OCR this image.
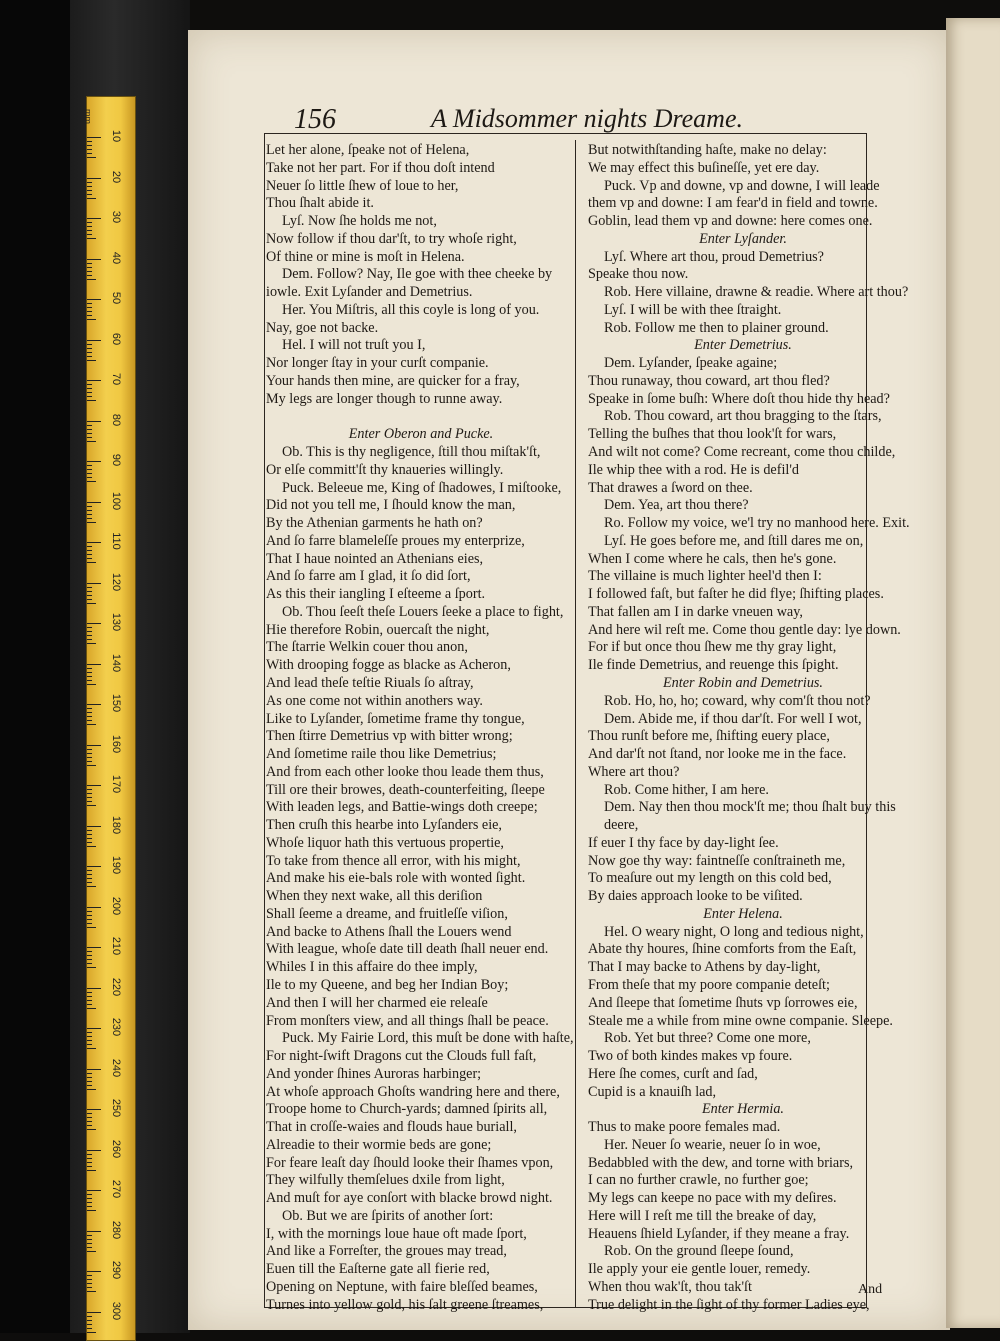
mm
10
20
30
40
50
60
70
80
90
100
110
120
130
140
150
160
170
180
190
200
210
220
230
240
250
260
270
280
290
300
156	A Midsommer nights Dreame.
Let her alone, ſpeake not of Helena,
Take not her part. For if thou doſt intend
Neuer ſo little ſhew of loue to her,
Thou ſhalt abide it.
Lyſ. Now ſhe holds me not,
Now follow if thou dar'ſt, to try whoſe right,
Of thine or mine is moſt in Helena.
Dem. Follow? Nay, Ile goe with thee cheeke by
iowle. Exit Lyſander and Demetrius.
Her. You Miſtris, all this coyle is long of you.
Nay, goe not backe.
Hel. I will not truſt you I,
Nor longer ſtay in your curſt companie.
Your hands then mine, are quicker for a fray,
My legs are longer though to runne away.
Enter Oberon and Pucke.
Ob. This is thy negligence, ſtill thou miſtak'ſt,
Or elſe committ'ſt thy knaueries willingly.
Puck. Beleeue me, King of ſhadowes, I miſtooke,
Did not you tell me, I ſhould know the man,
By the Athenian garments he hath on?
And ſo farre blameleſſe proues my enterprize,
That I haue nointed an Athenians eies,
And ſo farre am I glad, it ſo did ſort,
As this their iangling I eſteeme a ſport.
Ob. Thou ſeeſt theſe Louers ſeeke a place to fight,
Hie therefore Robin, ouercaſt the night,
The ſtarrie Welkin couer thou anon,
With drooping fogge as blacke as Acheron,
And lead theſe teſtie Riuals ſo aſtray,
As one come not within anothers way.
Like to Lyſander, ſometime frame thy tongue,
Then ſtirre Demetrius vp with bitter wrong;
And ſometime raile thou like Demetrius;
And from each other looke thou leade them thus,
Till ore their browes, death-counterfeiting, ſleepe
With leaden legs, and Battie-wings doth creepe;
Then cruſh this hearbe into Lyſanders eie,
Whoſe liquor hath this vertuous propertie,
To take from thence all error, with his might,
And make his eie-bals role with wonted ſight.
When they next wake, all this deriſion
Shall ſeeme a dreame, and fruitleſſe viſion,
And backe to Athens ſhall the Louers wend
With league, whoſe date till death ſhall neuer end.
Whiles I in this affaire do thee imply,
Ile to my Queene, and beg her Indian Boy;
And then I will her charmed eie releaſe
From monſters view, and all things ſhall be peace.
Puck. My Fairie Lord, this muſt be done with haſte,
For night-ſwift Dragons cut the Clouds full faſt,
And yonder ſhines Auroras harbinger;
At whoſe approach Ghoſts wandring here and there,
Troope home to Church-yards; damned ſpirits all,
That in croſſe-waies and flouds haue buriall,
Alreadie to their wormie beds are gone;
For feare leaſt day ſhould looke their ſhames vpon,
They wilfully themſelues dxile from light,
And muſt for aye conſort with blacke browd night.
Ob. But we are ſpirits of another ſort:
I, with the mornings loue haue oft made ſport,
And like a Forreſter, the groues may tread,
Euen till the Eaſterne gate all fierie red,
Opening on Neptune, with faire bleſſed beames,
Turnes into yellow gold, his ſalt greene ſtreames,
But notwithſtanding haſte, make no delay:
We may effect this buſineſſe, yet ere day.
Puck. Vp and downe, vp and downe, I will leade
them vp and downe: I am fear'd in field and towne.
Goblin, lead them vp and downe: here comes one.
Enter Lyſander.
Lyſ. Where art thou, proud Demetrius?
Speake thou now.
Rob. Here villaine, drawne & readie. Where art thou?
Lyſ. I will be with thee ſtraight.
Rob. Follow me then to plainer ground.
Enter Demetrius.
Dem. Lyſander, ſpeake againe;
Thou runaway, thou coward, art thou fled?
Speake in ſome buſh: Where doſt thou hide thy head?
Rob. Thou coward, art thou bragging to the ſtars,
Telling the buſhes that thou look'ſt for wars,
And wilt not come? Come recreant, come thou childe,
Ile whip thee with a rod. He is defil'd
That drawes a ſword on thee.
Dem. Yea, art thou there?
Ro. Follow my voice, we'l try no manhood here. Exit.
Lyſ. He goes before me, and ſtill dares me on,
When I come where he cals, then he's gone.
The villaine is much lighter heel'd then I:
I followed faſt, but faſter he did flye; ſhifting places.
That fallen am I in darke vneuen way,
And here wil reſt me. Come thou gentle day: lye down.
For if but once thou ſhew me thy gray light,
Ile finde Demetrius, and reuenge this ſpight.
Enter Robin and Demetrius.
Rob. Ho, ho, ho; coward, why com'ſt thou not?
Dem. Abide me, if thou dar'ſt. For well I wot,
Thou runſt before me, ſhifting euery place,
And dar'ſt not ſtand, nor looke me in the face.
Where art thou?
Rob. Come hither, I am here.
Dem. Nay then thou mock'ſt me; thou ſhalt buy this
deere,
If euer I thy face by day-light ſee.
Now goe thy way: faintneſſe conſtraineth me,
To meaſure out my length on this cold bed,
By daies approach looke to be viſited.
Enter Helena.
Hel. O weary night, O long and tedious night,
Abate thy houres, ſhine comforts from the Eaſt,
That I may backe to Athens by day-light,
From theſe that my poore companie deteſt;
And ſleepe that ſometime ſhuts vp ſorrowes eie,
Steale me a while from mine owne companie. Sleepe.
Rob. Yet but three? Come one more,
Two of both kindes makes vp foure.
Here ſhe comes, curſt and ſad,
Cupid is a knauiſh lad,
Enter Hermia.
Thus to make poore females mad.
Her. Neuer ſo wearie, neuer ſo in woe,
Bedabbled with the dew, and torne with briars,
I can no further crawle, no further goe;
My legs can keepe no pace with my deſires.
Here will I reſt me till the breake of day,
Heauens ſhield Lyſander, if they meane a fray.
Rob. On the ground ſleepe ſound,
Ile apply your eie gentle louer, remedy.
When thou wak'ſt, thou tak'ſt
True delight in the ſight of thy former Ladies eye,
And
